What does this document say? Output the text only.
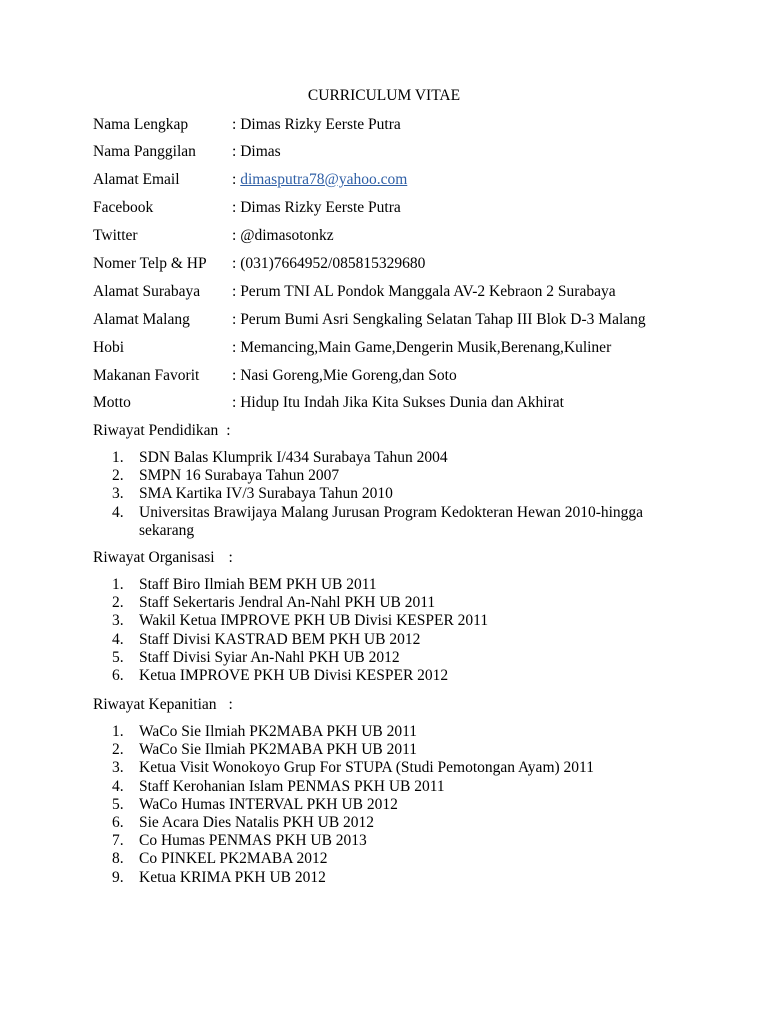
CURRICULUM VITAE
Nama Lengkap	: Dimas Rizky Eerste Putra
Nama Panggilan : Dimas
Alamat Email	: dimasputra78@yahoo.com
Facebook	: Dimas Rizky Eerste Putra
Twitter	: @dimasotonkz
Nomer Telp & HP : (031)7664952/085815329680
Alamat Surabaya : Perum TNI AL Pondok Manggala AV-2 Kebraon 2 Surabaya
Alamat Malang	: Perum Bumi Asri Sengkaling Selatan Tahap III Blok D-3 Malang
Hobi	: Memancing,Main Game,Dengerin Musik,Berenang,Kuliner
Makanan Favorit : Nasi Goreng,Mie Goreng,dan Soto
Motto	: Hidup Itu Indah Jika Kita Sukses Dunia dan Akhirat
Riwayat Pendidikan :
1. SDN Balas Klumprik I/434 Surabaya Tahun 2004
2. SMPN 16 Surabaya Tahun 2007
3. SMA Kartika IV/3 Surabaya Tahun 2010
4. Universitas Brawijaya Malang Jurusan Program Kedokteran Hewan 2010-hingga sekarang
Riwayat Organisasi :
1. Staff Biro Ilmiah BEM PKH UB 2011
2. Staff Sekertaris Jendral An-Nahl PKH UB 2011
3. Wakil Ketua IMPROVE PKH UB Divisi KESPER 2011
4. Staff Divisi KASTRAD BEM PKH UB 2012
5. Staff Divisi Syiar An-Nahl PKH UB 2012
6. Ketua IMPROVE PKH UB Divisi KESPER 2012
Riwayat Kepanitian :
1. WaCo Sie Ilmiah PK2MABA PKH UB 2011
2. WaCo Sie Ilmiah PK2MABA PKH UB 2011
3. Ketua Visit Wonokoyo Grup For STUPA (Studi Pemotongan Ayam) 2011
4. Staff Kerohanian Islam PENMAS PKH UB 2011
5. WaCo Humas INTERVAL PKH UB 2012
6. Sie Acara Dies Natalis PKH UB 2012
7. Co Humas PENMAS PKH UB 2013
8. Co PINKEL PK2MABA 2012
9. Ketua KRIMA PKH UB 2012
